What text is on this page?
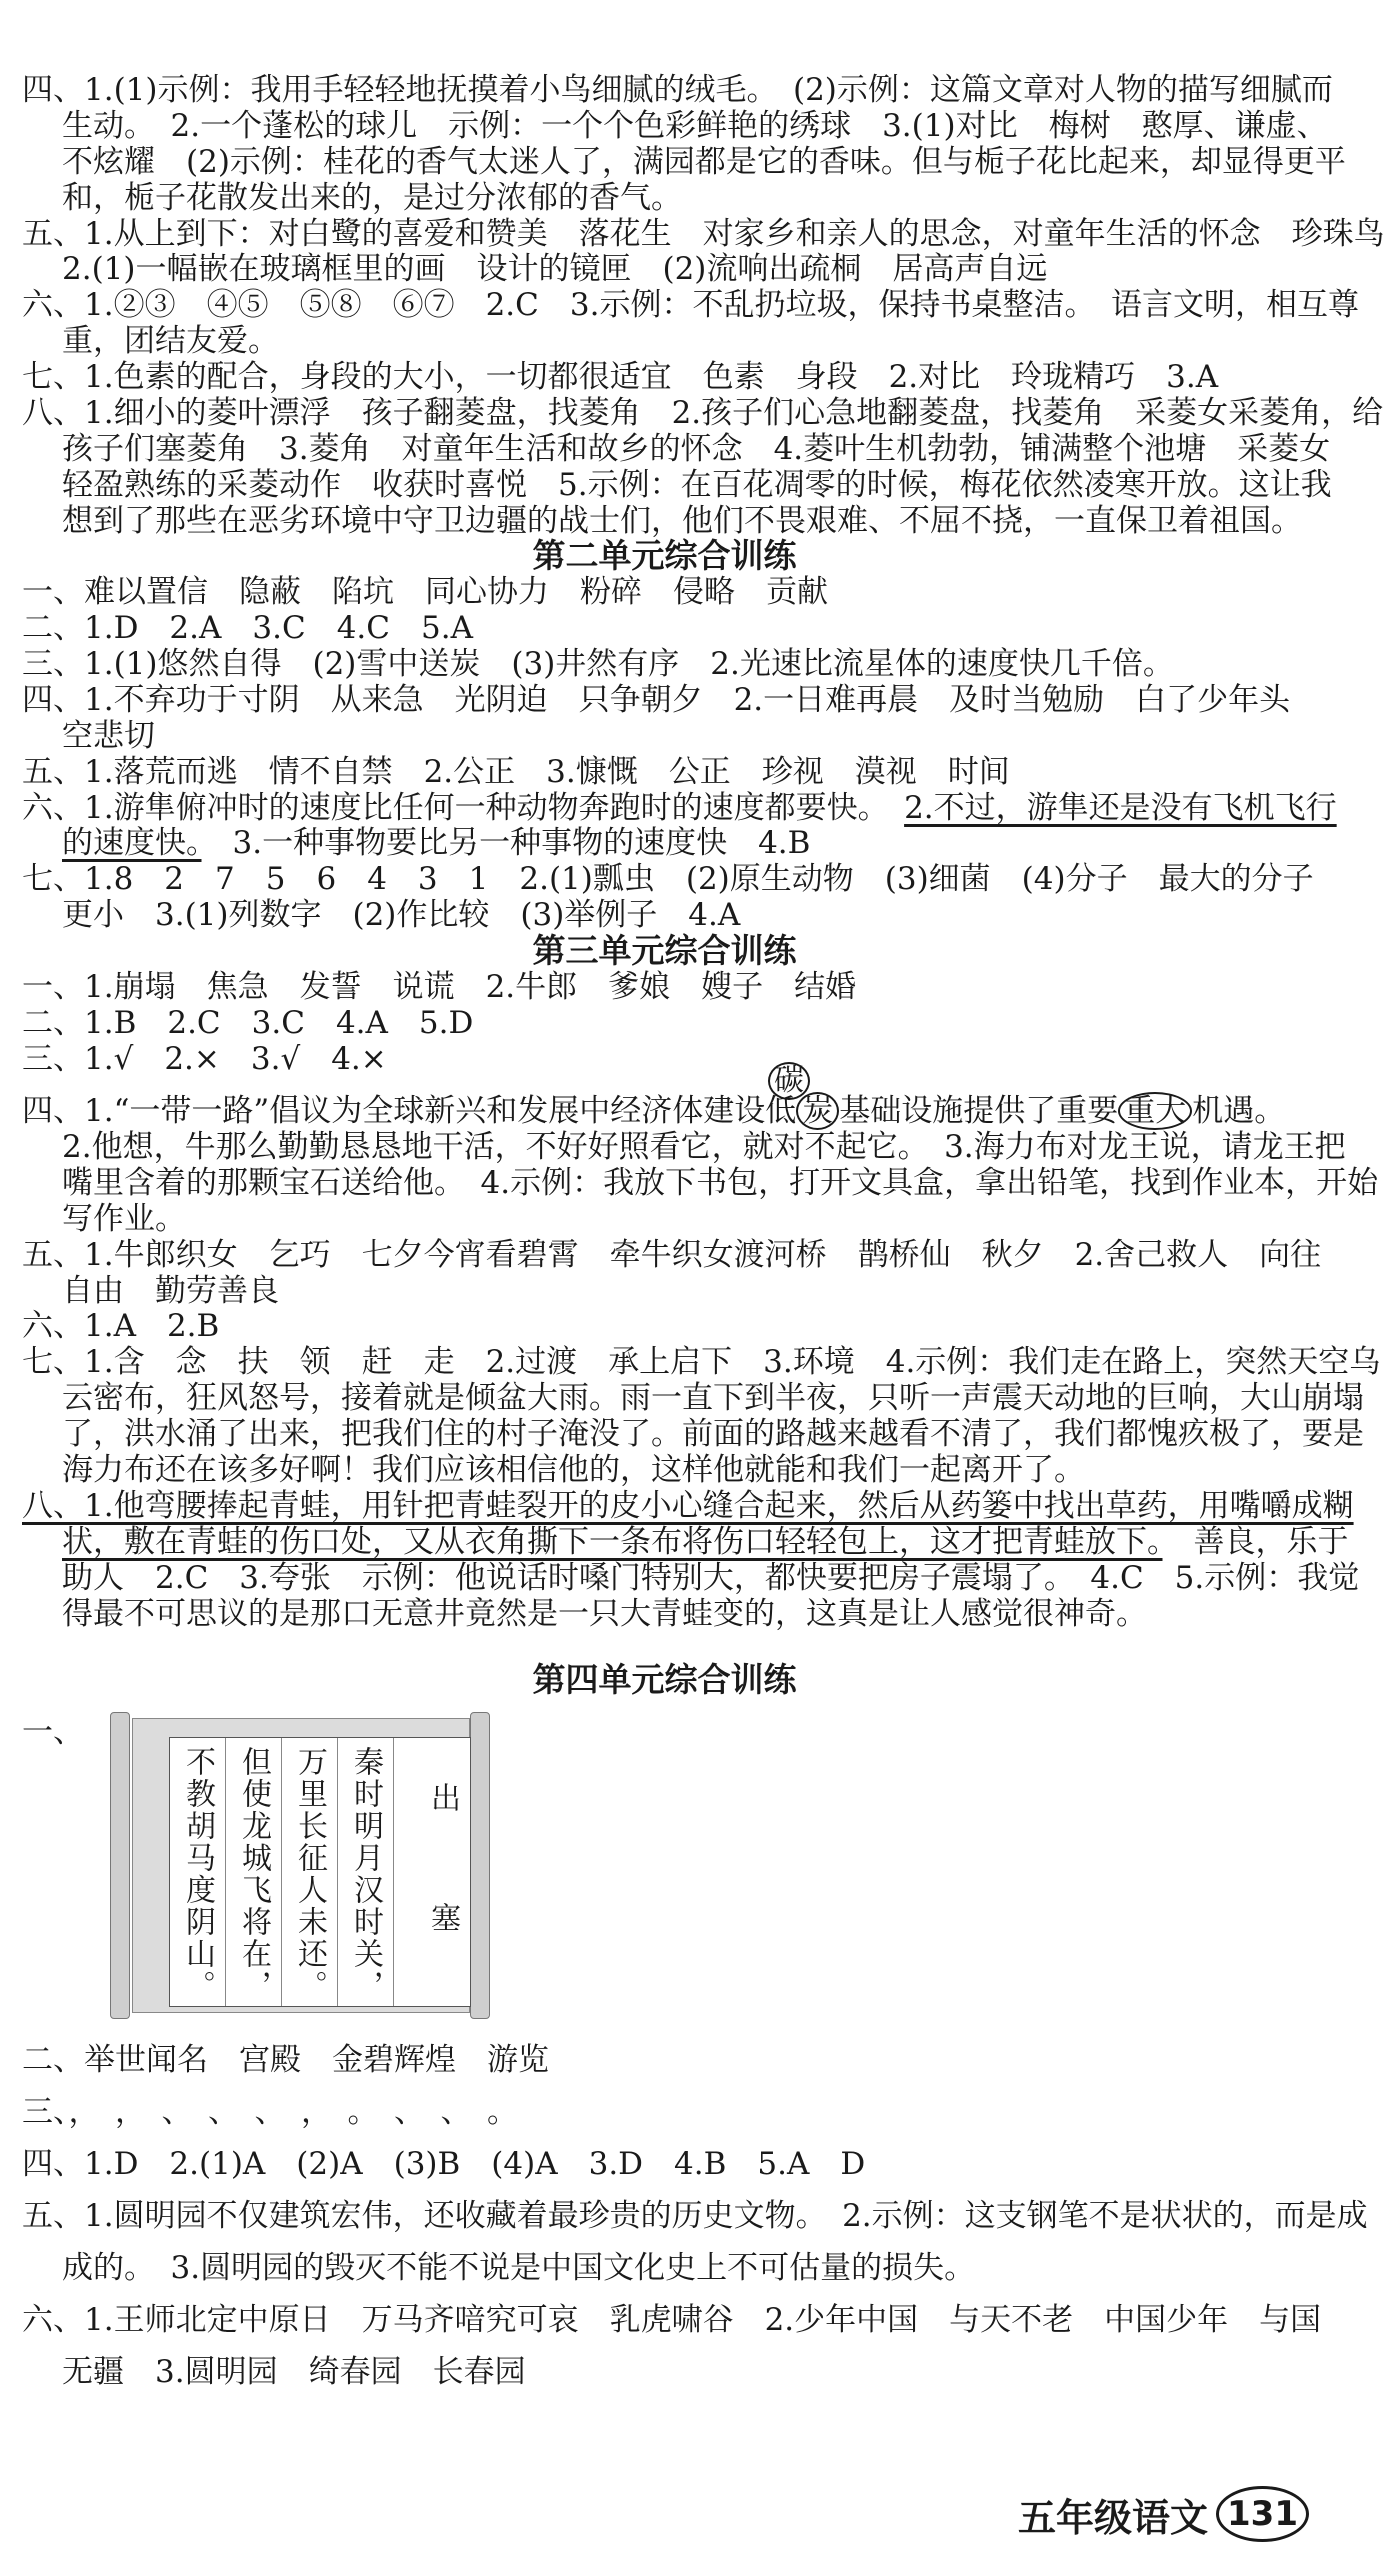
四、1.(1)示例：我用手轻轻地抚摸着小鸟细腻的绒毛。　(2)示例：这篇文章对人物的描写细腻而
生动。　2.一个蓬松的球儿　示例：一个个色彩鲜艳的绣球　3.(1)对比　梅树　憨厚、谦虚、
不炫耀　(2)示例：桂花的香气太迷人了，满园都是它的香味。但与栀子花比起来，却显得更平
和，栀子花散发出来的，是过分浓郁的香气。
五、1.从上到下：对白鹭的喜爱和赞美　落花生　对家乡和亲人的思念，对童年生活的怀念　珍珠鸟
2.(1)一幅嵌在玻璃框里的画　设计的镜匣　(2)流响出疏桐　居高声自远
六、1.②③　④⑤　⑤⑧　⑥⑦　2.C　3.示例：不乱扔垃圾，保持书桌整洁。　语言文明，相互尊
重，团结友爱。
七、1.色素的配合，身段的大小，一切都很适宜　色素　身段　2.对比　玲珑精巧　3.A
八、1.细小的菱叶漂浮　孩子翻菱盘，找菱角　2.孩子们心急地翻菱盘，找菱角　采菱女采菱角，给
孩子们塞菱角　3.菱角　对童年生活和故乡的怀念　4.菱叶生机勃勃，铺满整个池塘　采菱女
轻盈熟练的采菱动作　收获时喜悦　5.示例：在百花凋零的时候，梅花依然凌寒开放。这让我
想到了那些在恶劣环境中守卫边疆的战士们，他们不畏艰难、不屈不挠，一直保卫着祖国。
第二单元综合训练
一、难以置信　隐蔽　陷坑　同心协力　粉碎　侵略　贡献
二、1.D　2.A　3.C　4.C　5.A
三、1.(1)悠然自得　(2)雪中送炭　(3)井然有序　2.光速比流星体的速度快几千倍。
四、1.不弃功于寸阴　从来急　光阴迫　只争朝夕　2.一日难再晨　及时当勉励　白了少年头
空悲切
五、1.落荒而逃　情不自禁　2.公正　3.慷慨　公正　珍视　漠视　时间
六、1.游隼俯冲时的速度比任何一种动物奔跑时的速度都要快。　2.不过，游隼还是没有飞机飞行
的速度快。　3.一种事物要比另一种事物的速度快　4.B
七、1.8　2　7　5　6　4　3　1　2.(1)瓢虫　(2)原生动物　(3)细菌　(4)分子　最大的分子
更小　3.(1)列数字　(2)作比较　(3)举例子　4.A
第三单元综合训练
一、1.崩塌　焦急　发誓　说谎　2.牛郎　爹娘　嫂子　结婚
二、1.B　2.C　3.C　4.A　5.D
三、1.√　2.×　3.√　4.×
碳
四、1.“一带一路”倡议为全球新兴和发展中经济体建设低 炭 基础设施提供了重要 重大 机遇。
2.他想，牛那么勤勤恳恳地干活，不好好照看它，就对不起它。　3.海力布对龙王说，请龙王把
嘴里含着的那颗宝石送给他。　4.示例：我放下书包，打开文具盒，拿出铅笔，找到作业本，开始
写作业。
五、1.牛郎织女　乞巧　七夕今宵看碧霄　牵牛织女渡河桥　鹊桥仙　秋夕　2.舍己救人　向往
自由　勤劳善良
六、1.A　2.B
七、1.含　念　扶　领　赶　走　2.过渡　承上启下　3.环境　4.示例：我们走在路上，突然天空乌
云密布，狂风怒号，接着就是倾盆大雨。雨一直下到半夜，只听一声震天动地的巨响，大山崩塌
了，洪水涌了出来，把我们住的村子淹没了。前面的路越来越看不清了，我们都愧疚极了，要是
海力布还在该多好啊！我们应该相信他的，这样他就能和我们一起离开了。
八、1.他弯腰捧起青蛙，用针把青蛙裂开的皮小心缝合起来，然后从药篓中找出草药，用嘴嚼成糊
状，敷在青蛙的伤口处，又从衣角撕下一条布将伤口轻轻包上，这才把青蛙放下。　善良，乐于
助人　2.C　3.夸张　示例：他说话时嗓门特别大，都快要把房子震塌了。　4.C　5.示例：我觉
得最不可思议的是那口无意井竟然是一只大青蛙变的，这真是让人感觉很神奇。
第四单元综合训练
一、
不教胡马度阴山。 但使龙城飞将在， 万里长征人未还。 秦时明月汉时关，	出　塞
二、举世闻名　宫殿　金碧辉煌　游览
三、，　，　、　、　、　，　。　、　、　。
四、1.D　2.(1)A　(2)A　(3)B　(4)A　3.D　4.B　5.A　D
五、1.圆明园不仅建筑宏伟，还收藏着最珍贵的历史文物。　2.示例：这支钢笔不是状状的，而是成
成的。　3.圆明园的毁灭不能不说是中国文化史上不可估量的损失。
六、1.王师北定中原日　万马齐喑究可哀　乳虎啸谷　2.少年中国　与天不老　中国少年　与国
无疆　3.圆明园　绮春园　长春园
五年级语文 131
